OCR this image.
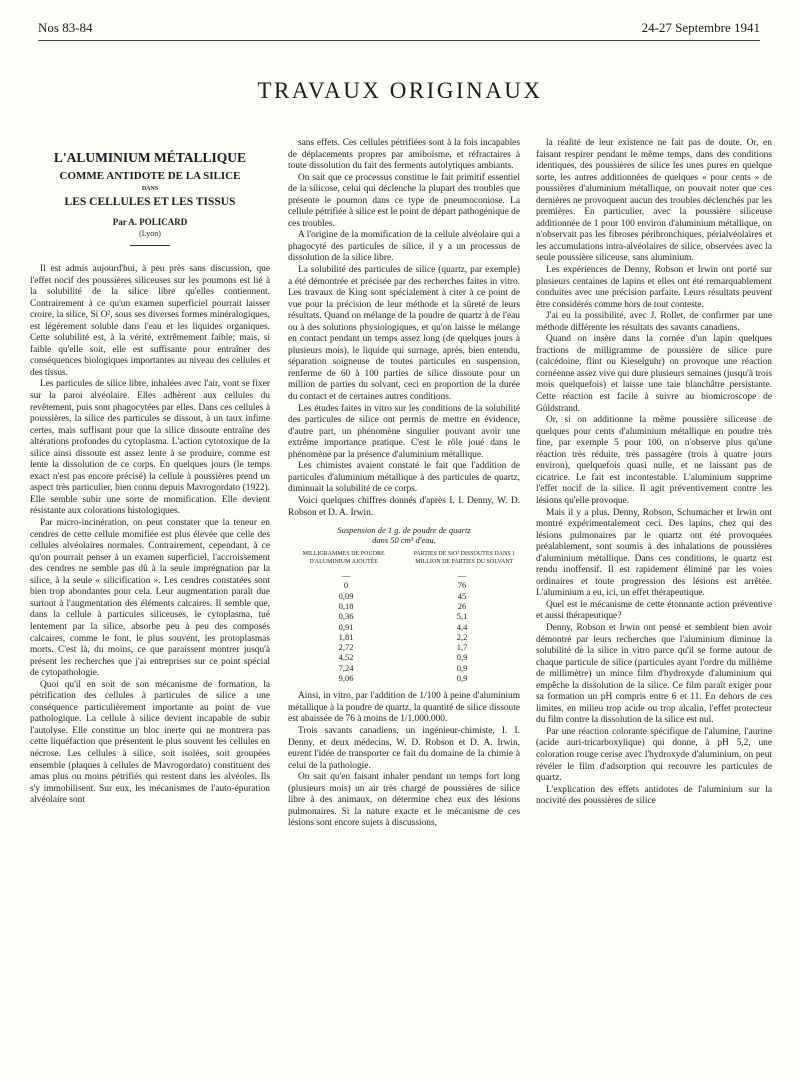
Nos 83-84	24-27 Septembre 1941
TRAVAUX ORIGINAUX
L'ALUMINIUM MÉTALLIQUE
COMME ANTIDOTE DE LA SILICE
DANS
LES CELLULES ET LES TISSUS
Par A. POLICARD
(Lyon)

Il est admis aujourd'hui, à peu près sans discussion, que l'effet nocif des poussières siliceuses sur les poumons est lié à la solubilité de la silice libre qu'elles contiennent. Contrairement à ce qu'un examen superficiel pourrait laisser croire, la silice, Si O², sous ses diverses formes minéralogiques, est légèrement soluble dans l'eau et les liquides organiques. Cette solubilité est, à la vérité, extrêmement faible; mais, si faible qu'elle soit, elle est suffisante pour entraîner des conséquences biologiques importantes au niveau des cellules et des tissus.

Les particules de silice libre, inhalées avec l'air, vont se fixer sur la paroi alvéolaire. Elles adhèrent aux cellules du revêtement, puis sont phagocytées par elles. Dans ces cellules à poussières, la silice des particules se dissout, à un taux infime certes, mais suffisant pour que la silice dissoute entraîne des altérations profondes du cytoplasma. L'action cytotoxique de la silice ainsi dissoute est assez lente à se produire, comme est lente la dissolution de ce corps. En quelques jours (le temps exact n'est pas encore précisé) la cellule à poussières prend un aspect très particulier, bien connu depuis Mavrogordato (1922). Elle semble subir une sorte de momification. Elle devient résistante aux colorations histologiques.

Par micro-incinération, on peut constater que la teneur en cendres de cette cellule momifiée est plus élevée que celle des cellules alvéolaires normales. Contrairement, cependant, à ce qu'on pourrait penser à un examen superficiel, l'accroissement des cendres ne semble pas dû à la seule imprégnation par la silice, à la seule « silicification ». Les cendres constatées sont bien trop abondantes pour cela. Leur augmentation paraît due surtout à l'augmentation des éléments calcaires. Il semble que, dans la cellule à particules siliceuses, le cytoplasma, tué lentement par la silice, absorbe peu à peu des composés calcaires, comme le font, le plus souvent, les protoplasmas morts. C'est là, du moins, ce que paraissent montrer jusqu'à présent les recherches que j'ai entreprises sur ce point spécial de cytopathologie.

Quoi qu'il en soit de son mécanisme de formation, la pétrification des cellules à particules de silice a une conséquence particulièrement importante au point de vue pathologique. La cellule à silice devient incapable de subir l'autolyse. Elle constitue un bloc inerte qui ne montrera pas cette liquéfaction que présentent le plus souvent les cellules en nécrose. Les cellules à silice, soit isolées, soit groupées ensemble (plaques à cellules de Mavrogordato) constituent des amas plus ou moins pétrifiés qui restent dans les alvéoles. Ils s'y immobilisent. Sur eux, les mécanismes de l'auto-épuration alvéolaire sont

sans effets. Ces cellules pétrifiées sont à la fois incapables de déplacements propres par amiboïsme, et réfractaires à toute dissolution du fait des ferments autolytiques ambiants.

On sait que ce processus constitue le fait primitif essentiel de la silicose, celui qui déclenche la plupart des troubles que présente le poumon dans ce type de pneumoconiose. La cellule pétrifiée à silice est le point de départ pathogénique de ces troubles.

A l'origine de la momification de la cellule alvéolaire qui a phagocyté des particules de silice, il y a un processus de dissolution de la silice libre.

La solubilité des particules de silice (quartz, par exemple) a été démontrée et précisée par des recherches faites in vitro. Les travaux de King sont spécialement à citer à ce point de vue pour la précision de leur méthode et la sûreté de leurs résultats. Quand on mélange de la poudre de quartz à de l'eau ou à des solutions physiologiques, et qu'on laisse le mélange en contact pendant un temps assez long (de quelques jours à plusieurs mois), le liquide qui surnage, après, bien entendu, séparation soigneuse de toutes particules en suspension, renferme de 60 à 100 parties de silice dissoute pour un million de parties du solvant, ceci en proportion de la durée du contact et de certaines autres conditions.

Les études faites in vitro sur les conditions de la solubilité des particules de silice ont permis de mettre en évidence, d'autre part, un phénomène singulier pouvant avoir une extrême importance pratique. C'est le rôle joué dans le phénomène par la présence d'aluminium métallique.

Les chimistes avaient constaté le fait que l'addition de particules d'aluminium métallique à des particules de quartz, diminuait la solubilité de ce corps.

Voici quelques chiffres donnés d'après I. I. Denny, W. D. Robson et D. A. Irwin.

Suspension de 1 g. de poudre de quartz
dans 50 cm³ d'eau.
MILLIGRAMMES DE POUDRE D'ALUMINIUM AJOUTÉE
PARTIES DE SiO² DISSOUTES DANS 1 MILLION DE PARTIES DU SOLVANT
—	—
0	76
0,09	45
0,18	26
0,36	5,1
0,91	4,4
1,81	2,2
2,72	1,7
4,52	0,9
7,24	0,9
9,06	0,9

Ainsi, in vitro, par l'addition de 1/100 à peine d'aluminium métallique à la poudre de quartz, la quantité de silice dissoute est abaissée de 76 à moins de 1/1.000.000.

Trois savants canadiens, un ingénieur-chimiste, I. I. Denny, et deux médecins, W. D. Robson et D. A. Irwin, eurent l'idée de transporter ce fait du domaine de la chimie à celui de la pathologie.

On sait qu'en faisant inhaler pendant un temps fort long (plusieurs mois) un air très chargé de poussières de silice libre à des animaux, on détermine chez eux des lésions pulmonaires. Si la nature exacte et le mécanisme de ces lésions sont encore sujets à discussions,

la réalité de leur existence ne fait pas de doute. Or, en faisant respirer pendant le même temps, dans des conditions identiques, des poussières de silice les unes pures en quelque sorte, les autres additionnées de quelques « pour cents » de poussières d'aluminium métallique, on pouvait noter que ces dernières ne provoquent aucun des troubles déclenchés par les premières. En particulier, avec la poussière siliceuse additionnée de 1 pour 100 environ d'aluminium métallique, on n'observait pas les fibroses péribronchiques, périalvéolaires et les accumulations intra-alvéolaires de silice, observées avec la seule poussière siliceuse, sans aluminium.

Les expériences de Denny, Robson et Irwin ont porté sur plusieurs centaines de lapins et elles ont été remarquablement conduites avec une précision parfaite. Leurs résultats peuvent être considérés comme hors de tout conteste.

J'ai eu la possibilité, avec J. Rollet, de confirmer par une méthode différente les résultats des savants canadiens.

Quand on insère dans la cornée d'un lapin quelques fractions de milligramme de poussière de silice pure (calcédoine, flint ou Kieselguhr) on provoque une réaction cornéenne assez vive qui dure plusieurs semaines (jusqu'à trois mois quelquefois) et laisse une taie blanchâtre persistante. Cette réaction est facile à suivre au biomicroscope de Güldstrand.

Or, si on additionne la même poussière siliceuse de quelques pour cents d'aluminium métallique en poudre très fine, par exemple 5 pour 100, on n'observe plus qu'une réaction très réduite, très passagère (trois à quatre jours environ), quelquefois quasi nulle, et ne laissant pas de cicatrice. Le fait est incontestable. L'aluminium supprime l'effet nocif de la silice. Il agit préventivement contre les lésions qu'elle provoque.

Mais il y a plus. Denny, Robson, Schumacher et Irwin ont montré expérimentalement ceci. Des lapins, chez qui des lésions pulmonaires par le quartz ont été provoquées préalablement, sont soumis à des inhalations de poussières d'aluminium métallique. Dans ces conditions, le quartz est rendu inoffensif. Il est rapidement éliminé par les voies ordinaires et toute progression des lésions est arrêtée. L'aluminium a eu, ici, un effet thérapeutique.

Quel est le mécanisme de cette étonnante action préventive et aussi thérapeutique?

Denny, Robson et Irwin ont pensé et semblent bien avoir démontré par leurs recherches que l'aluminium diminue la solubilité de la silice in vitro parce qu'il se forme autour de chaque particule de silice (particules ayant l'ordre du millième de millimètre) un mince film d'hydroxyde d'aluminium qui empêche la dissolution de la silice. Ce film paraît exiger pour sa formation un pH compris entre 6 et 11. En dehors de ces limites, en milieu trop acide ou trop alcalin, l'effet protecteur du film contre la dissolution de la silice est nul.

Par une réaction colorante spécifique de l'alumine, l'aurine (acide auri-tricarboxylique) qui donne, à pH 5,2, une coloration rouge cerise avec l'hydroxyde d'aluminium, on peut révéler le film d'adsorption qui recouvre les particules de quartz.

L'explication des effets antidotes de l'aluminium sur la nocivité des poussières de silice
